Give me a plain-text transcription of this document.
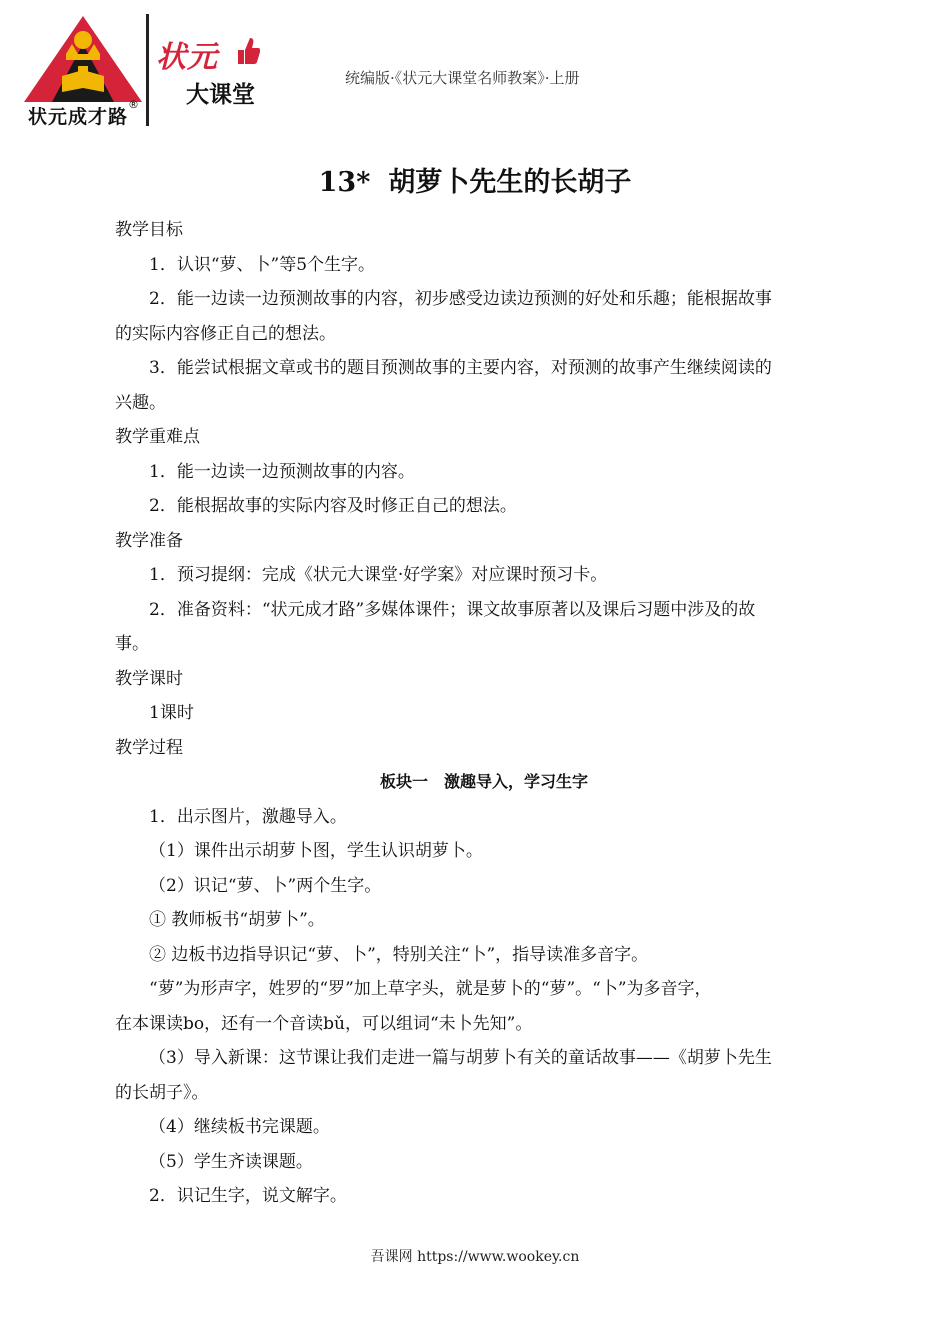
状元成才路
®
状元
大课堂
统编版·《状元大课堂名师教案》·上册
13* 胡萝卜先生的长胡子
教学目标
1．认识“萝、卜”等5个生字。
2．能一边读一边预测故事的内容，初步感受边读边预测的好处和乐趣；能根据故事
的实际内容修正自己的想法。
3．能尝试根据文章或书的题目预测故事的主要内容，对预测的故事产生继续阅读的
兴趣。
教学重难点
1．能一边读一边预测故事的内容。
2．能根据故事的实际内容及时修正自己的想法。
教学准备
1．预习提纲：完成《状元大课堂·好学案》对应课时预习卡。
2．准备资料：“状元成才路”多媒体课件；课文故事原著以及课后习题中涉及的故
事。
教学课时
1课时
教学过程
板块一　激趣导入，学习生字
1．出示图片，激趣导入。
（1）课件出示胡萝卜图，学生认识胡萝卜。
（2）识记“萝、卜”两个生字。
① 教师板书“胡萝卜”。
② 边板书边指导识记“萝、卜”，特别关注“卜”，指导读准多音字。
“萝”为形声字，姓罗的“罗”加上草字头，就是萝卜的“萝”。“卜”为多音字，
在本课读bo，还有一个音读bǔ，可以组词“未卜先知”。
（3）导入新课：这节课让我们走进一篇与胡萝卜有关的童话故事——《胡萝卜先生
的长胡子》。
（4）继续板书完课题。
（5）学生齐读课题。
2．识记生字，说文解字。
吾课网 https://www.wookey.cn
